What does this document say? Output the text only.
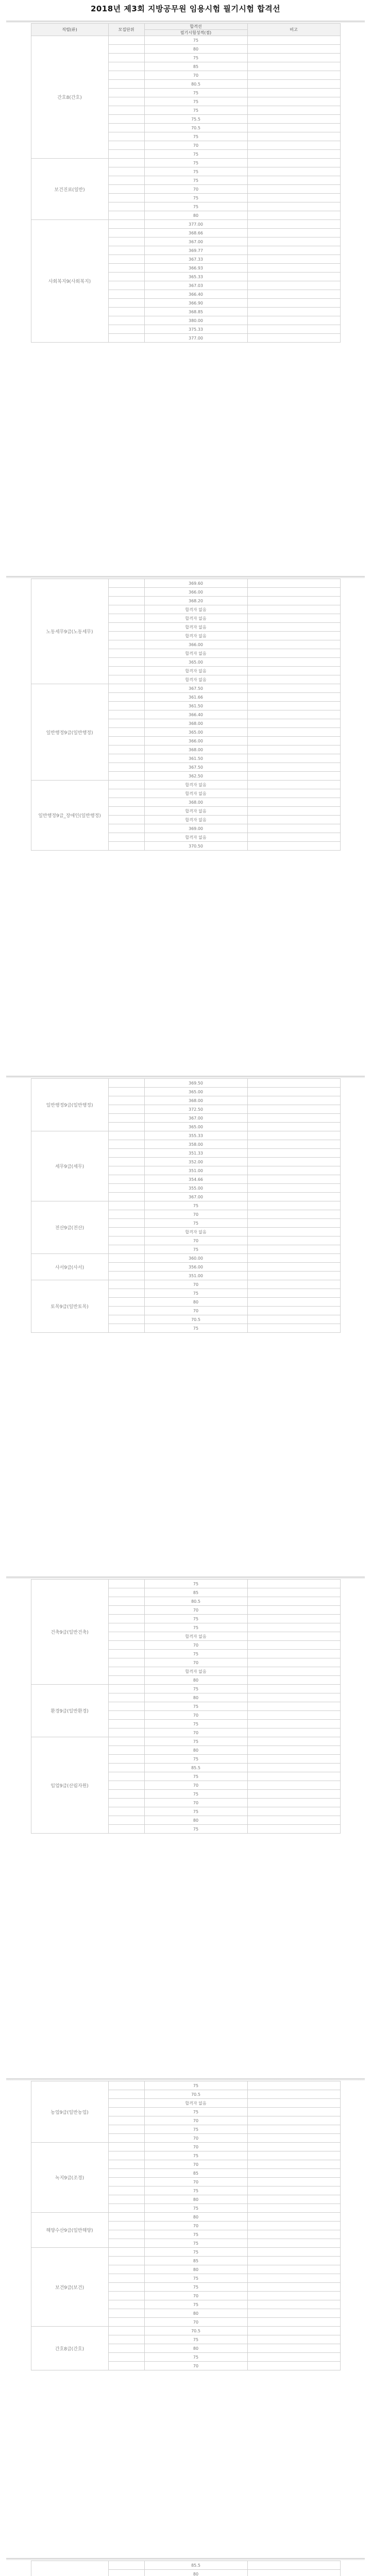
2018년 제3회 지방공무원 임용시험 필기시험 합격선
직렬(류)	모집단위	합격선	비고
		필기시험성적(점)	
간호8(간호)		75	
		80	
		75	
		85	
		70	
		80.5	
		75	
		75	
		75	
		75.5	
		70.5	
		75	
		70	
		75	
보건진료(일반)		75	
		75	
		75	
		70	
		75	
		75	
		80	
사회복지9(사회복지)		377.00	
		368.66	
		367.00	
		369.77	
		367.33	
		366.93	
		365.33	
		367.03	
		366.40	
		366.90	
		368.85	
		380.00	
		375.33	
		377.00	
노동세무9급(노동세무)		369.60	
		366.00	
		368.20	
		합격자 없음	
		합격자 없음	
		합격자 없음	
		합격자 없음	
		366.00	
		합격자 없음	
		365.00	
		합격자 없음	
		합격자 없음	
일반행정9급(일반행정)		367.50	
		361.66	
		361.50	
		366.40	
		368.00	
		365.00	
		366.00	
		368.00	
		361.50	
		367.50	
		362.50	
일반행정9급_장애인(일반행정)		합격자 없음	
		합격자 없음	
		368.00	
		합격자 없음	
		합격자 없음	
		369.00	
		합격자 없음	
		370.50	
일반행정9급(일반행정)		369.50	
		365.00	
		368.00	
		372.50	
		367.00	
		365.00	
세무9급(세무)		355.33	
		358.00	
		351.33	
		352.00	
		351.00	
		354.66	
		355.00	
		367.00	
전산9급(전산)		75	
		70	
		75	
		합격자 없음	
		70	
		75	
사서9급(사서)		360.00	
		356.00	
		351.00	
토목9급(일반토목)		70	
		75	
		80	
		70	
		70.5	
		75	
건축9급(일반건축)		75	
		85	
		80.5	
		70	
		75	
		75	
		합격자 없음	
		70	
		75	
		70	
		합격자 없음	
		80	
환경9급(일반환경)		75	
		80	
		75	
		70	
		75	
		70	
임업9급(산림자원)		75	
		80	
		75	
		85.5	
		75	
		70	
		75	
		70	
		75	
		80	
		75	
농업9급(일반농업)		75	
		70.5	
		합격자 없음	
		75	
		70	
		75	
		70	
녹지9급(조경)		70	
		75	
		70	
		85	
		70	
		75	
		80	
		75	
해양수산9급(일반해양)		80	
		70	
		75	
		75	
보건9급(보건)		75	
		85	
		80	
		75	
		75	
		70	
		75	
		80	
		70	
간호8급(간호)		70.5	
		75	
		80	
		75	
		70	
		85.5	
		80	
